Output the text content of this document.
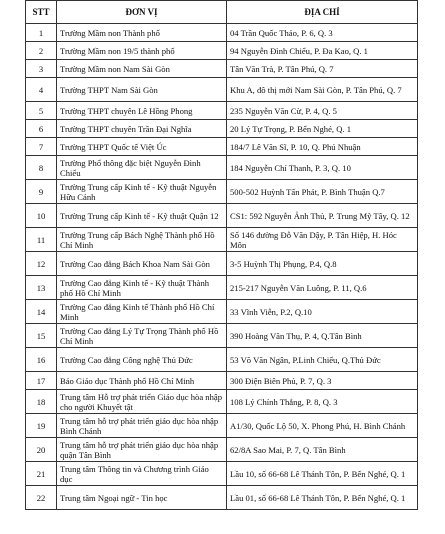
STT	ĐƠN VỊ	ĐỊA CHỈ
1	Trường Mầm non Thành phố	04 Trần Quốc Thảo, P. 6, Q. 3
2	Trường Mầm non 19/5 thành phố	94 Nguyễn Đình Chiểu, P. Đa Kao, Q. 1
3	Trường Mầm non Nam Sài Gòn	Tân Văn Trà, P. Tân Phú, Q. 7
4	Trường THPT Nam Sài Gòn	Khu A, đô thị mới Nam Sài Gòn, P. Tân Phú, Q. 7
5	Trường THPT chuyên Lê Hồng Phong	235 Nguyễn Văn Cừ, P. 4, Q. 5
6	Trường THPT chuyên Trần Đại Nghĩa	20 Lý Tự Trọng, P. Bến Nghé, Q. 1
7	Trường THPT Quốc tế Việt Úc	184/7 Lê Văn Sĩ, P. 10, Q. Phú Nhuận
8	Trường Phổ thông đặc biệt Nguyễn Đình Chiểu	184 Nguyễn Chí Thanh, P. 3, Q. 10
9	Trường Trung cấp Kinh tế - Kỹ thuật Nguyễn Hữu Cảnh	500-502 Huỳnh Tấn Phát, P. Bình Thuận Q.7
10	Trường Trung cấp Kinh tế - Kỹ thuật Quận 12	CS1: 592 Nguyễn Ảnh Thủ, P. Trung Mỹ Tây, Q. 12
11	Trường Trung cấp Bách Nghệ Thành phố Hồ Chí Minh	Số 146 đường Đỗ Văn Dậy, P. Tân Hiệp, H. Hóc Môn
12	Trường Cao đẳng Bách Khoa Nam Sài Gòn	3-5 Huỳnh Thị Phụng, P.4, Q.8
13	Trường Cao đẳng Kinh tế - Kỹ thuật Thành phố Hồ Chí Minh	215-217 Nguyễn Văn Luông, P. 11, Q.6
14	Trường Cao đẳng Kinh tế Thành phố Hồ Chí Minh	33 Vĩnh Viễn, P.2, Q.10
15	Trường Cao đẳng Lý Tự Trọng Thành phố Hồ Chí Minh	390 Hoàng Văn Thụ, P. 4, Q.Tân Bình
16	Trường Cao đẳng Công nghệ Thủ Đức	53 Võ Văn Ngân, P.Linh Chiểu, Q.Thủ Đức
17	Báo Giáo dục Thành phố Hồ Chí Minh	300 Điện Biên Phủ, P. 7, Q. 3
18	Trung tâm Hỗ trợ phát triển Giáo dục hòa nhập cho người Khuyết tật	108 Lý Chính Thắng, P. 8, Q. 3
19	Trung tâm hỗ trợ phát triển giáo dục hòa nhập Bình Chánh	A1/30, Quốc Lộ 50, X. Phong Phú, H. Bình Chánh
20	Trung tâm hỗ trợ phát triển giáo dục hòa nhập quận Tân Bình	62/8A Sao Mai, P. 7, Q. Tân Bình
21	Trung tâm Thông tin và Chương trình Giáo dục	Lầu 10, số 66-68 Lê Thánh Tôn, P. Bến Nghé, Q. 1
22	Trung tâm Ngoại ngữ - Tin học	Lầu 01, số 66-68 Lê Thánh Tôn, P. Bến Nghé, Q. 1
